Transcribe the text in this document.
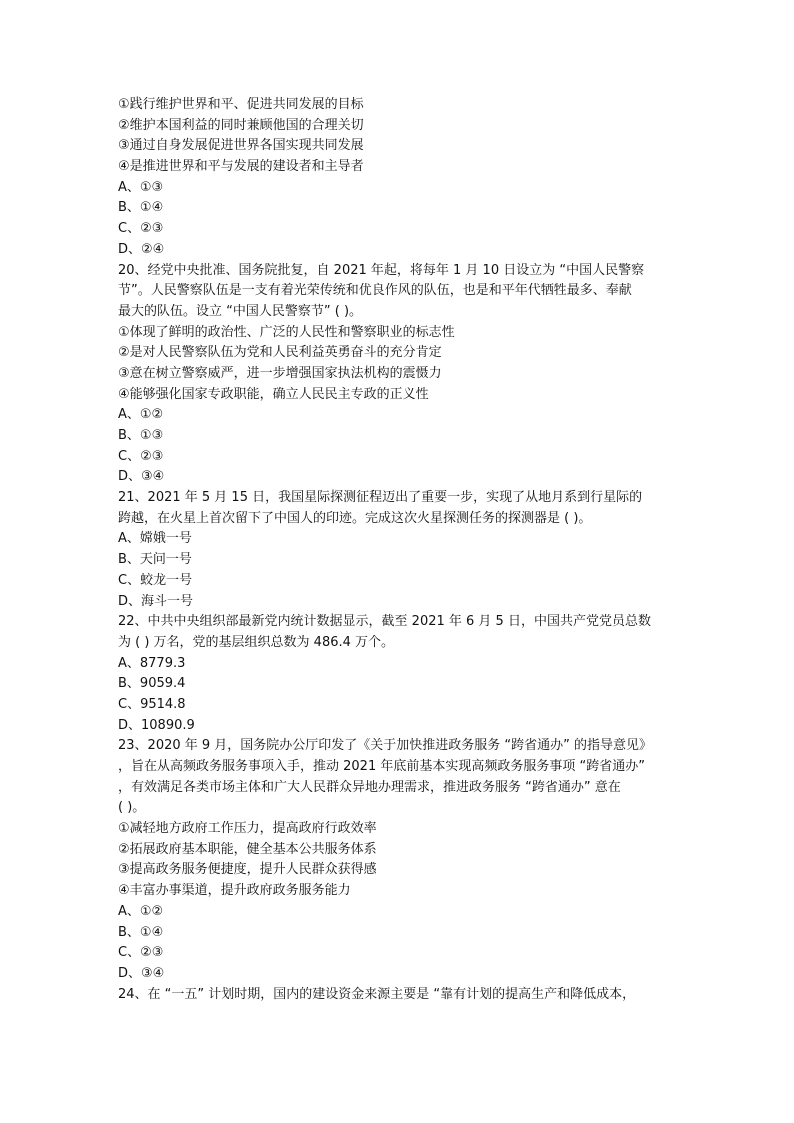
①践行维护世界和平、促进共同发展的目标
②维护本国利益的同时兼顾他国的合理关切
③通过自身发展促进世界各国实现共同发展
④是推进世界和平与发展的建设者和主导者
A、①③
B、①④
C、②③
D、②④
20、经党中央批准、国务院批复，自 2021 年起，将每年 1 月 10 日设立为 “中国人民警察
节”。人民警察队伍是一支有着光荣传统和优良作风的队伍，也是和平年代牺牲最多、奉献
最大的队伍。设立 “中国人民警察节” ( )。
①体现了鲜明的政治性、广泛的人民性和警察职业的标志性
②是对人民警察队伍为党和人民利益英勇奋斗的充分肯定
③意在树立警察威严，进一步增强国家执法机构的震慑力
④能够强化国家专政职能，确立人民民主专政的正义性
A、①②
B、①③
C、②③
D、③④
21、2021 年 5 月 15 日，我国星际探测征程迈出了重要一步，实现了从地月系到行星际的
跨越，在火星上首次留下了中国人的印迹。完成这次火星探测任务的探测器是 ( )。
A、嫦娥一号
B、天问一号
C、蛟龙一号
D、海斗一号
22、中共中央组织部最新党内统计数据显示，截至 2021 年 6 月 5 日，中国共产党党员总数
为 ( ) 万名，党的基层组织总数为 486.4 万个。
A、8779.3
B、9059.4
C、9514.8
D、10890.9
23、2020 年 9 月，国务院办公厅印发了《关于加快推进政务服务 “跨省通办” 的指导意见》
，旨在从高频政务服务事项入手，推动 2021 年底前基本实现高频政务服务事项 “跨省通办”
，有效满足各类市场主体和广大人民群众异地办理需求，推进政务服务 “跨省通办” 意在
( )。
①减轻地方政府工作压力，提高政府行政效率
②拓展政府基本职能，健全基本公共服务体系
③提高政务服务便捷度，提升人民群众获得感
④丰富办事渠道，提升政府政务服务能力
A、①②
B、①④
C、②③
D、③④
24、在 “一五” 计划时期，国内的建设资金来源主要是 “靠有计划的提高生产和降低成本，
